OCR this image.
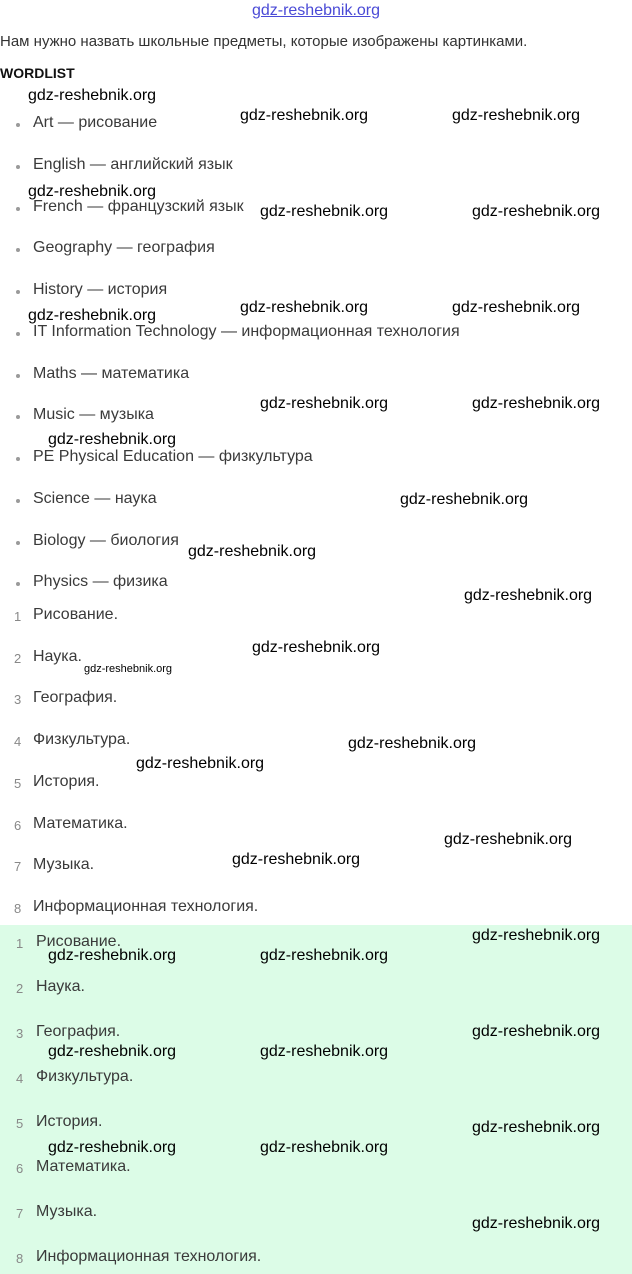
gdz-reshebnik.org
Нам нужно назвать школьные предметы, которые изображены картинками.
WORDLIST
Art — рисование
English — английский язык
French — французский язык
Geography — география
History — история
IT Information Technology — информационная технология
Maths — математика
Music — музыка
PE Physical Education — физкультура
Science — наука
Biology — биология
Physics — физика
1 Рисование.
2 Наука.
3 География.
4 Физкультура.
5 История.
6 Математика.
7 Музыка.
8 Информационная технология.
1 Рисование.
2 Наука.
3 География.
4 Физкультура.
5 История.
6 Математика.
7 Музыка.
8 Информационная технология.
gdz-reshebnik.org
gdz-reshebnik.org	gdz-reshebnik.org
gdz-reshebnik.org
gdz-reshebnik.org	gdz-reshebnik.org
gdz-reshebnik.org	gdz-reshebnik.org
gdz-reshebnik.org
gdz-reshebnik.org	gdz-reshebnik.org
gdz-reshebnik.org
gdz-reshebnik.org
gdz-reshebnik.org
gdz-reshebnik.org
gdz-reshebnik.org
gdz-reshebnik.org
gdz-reshebnik.org
gdz-reshebnik.org
gdz-reshebnik.org
gdz-reshebnik.org
gdz-reshebnik.org
gdz-reshebnik.org	gdz-reshebnik.org
gdz-reshebnik.org
gdz-reshebnik.org	gdz-reshebnik.org
gdz-reshebnik.org
gdz-reshebnik.org	gdz-reshebnik.org
gdz-reshebnik.org
